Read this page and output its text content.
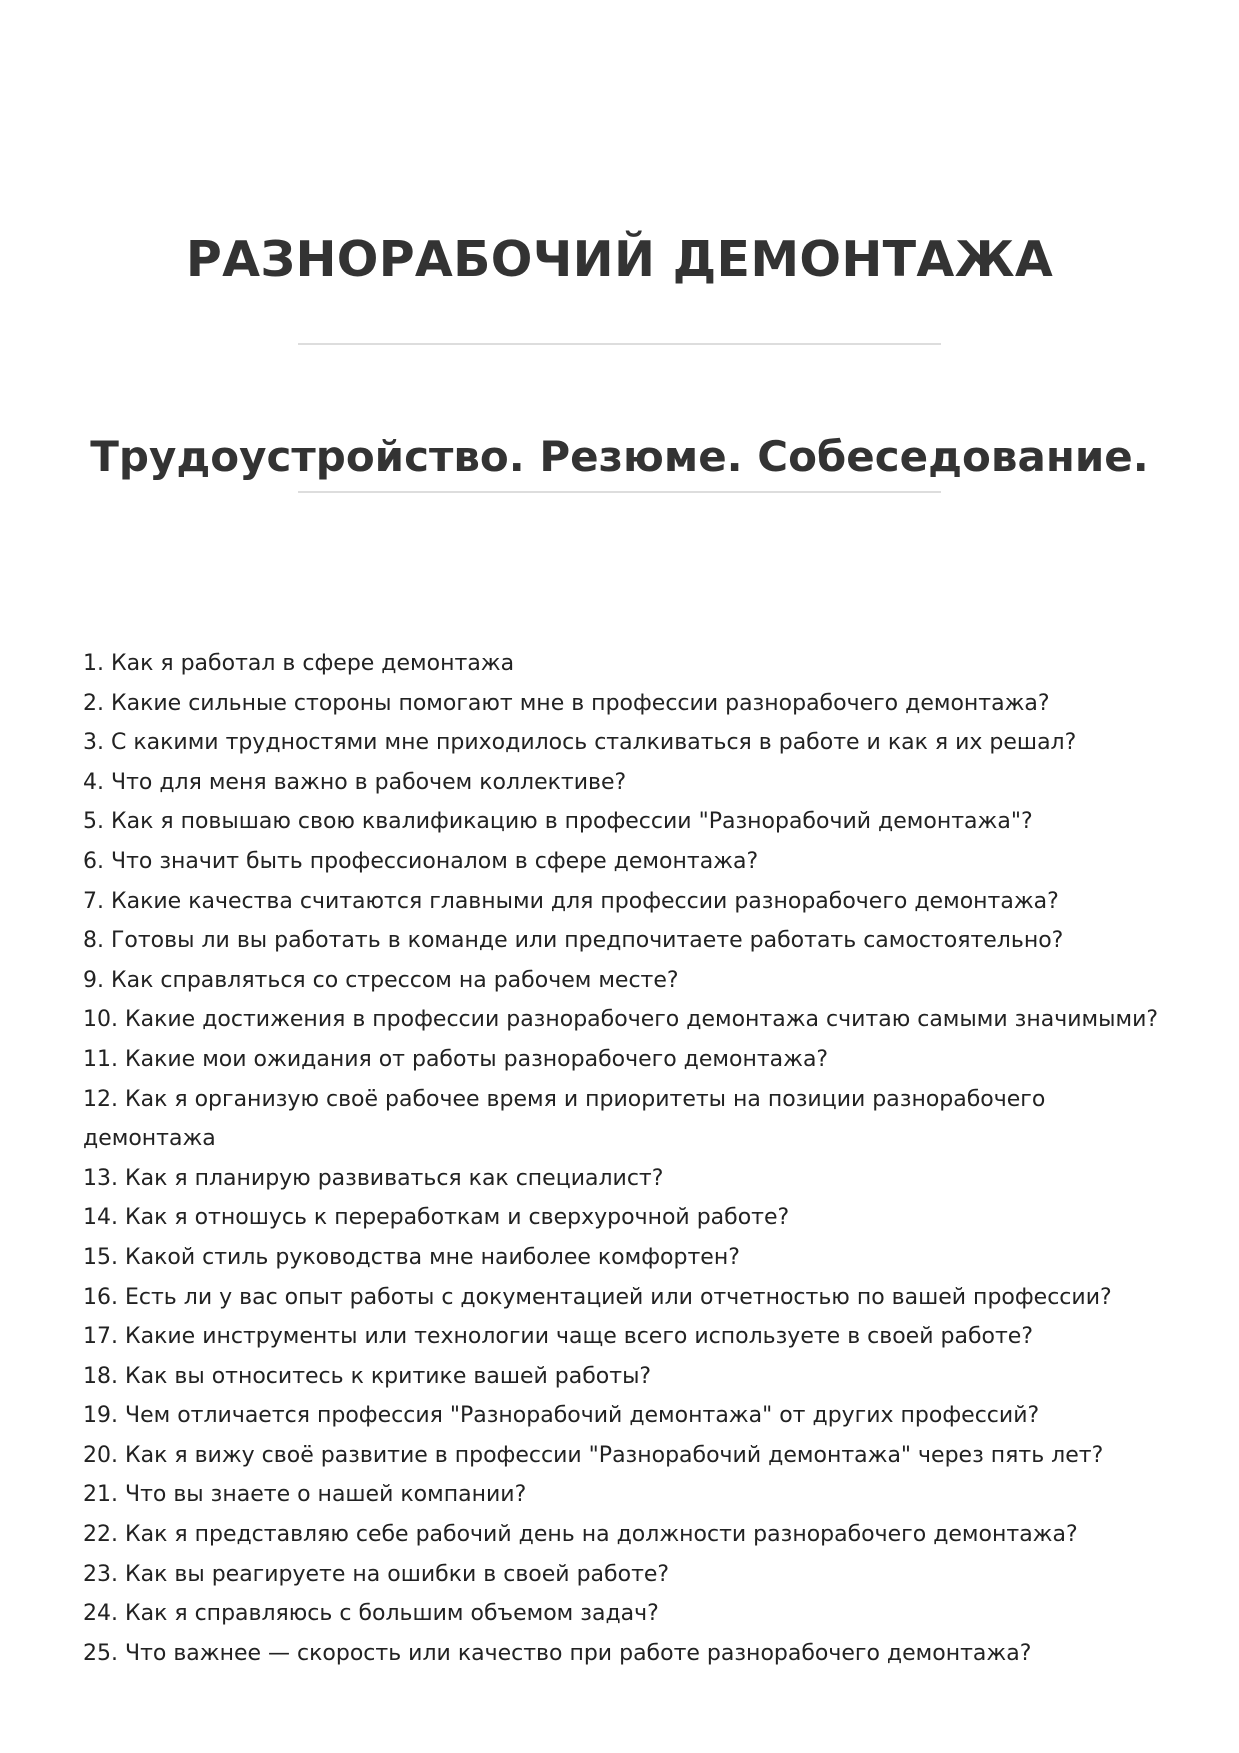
РАЗНОРАБОЧИЙ ДЕМОНТАЖА
Трудоустройство. Резюме. Собеседование.
1. Как я работал в сфере демонтажа
2. Какие сильные стороны помогают мне в профессии разнорабочего демонтажа?
3. С какими трудностями мне приходилось сталкиваться в работе и как я их решал?
4. Что для меня важно в рабочем коллективе?
5. Как я повышаю свою квалификацию в профессии "Разнорабочий демонтажа"?
6. Что значит быть профессионалом в сфере демонтажа?
7. Какие качества считаются главными для профессии разнорабочего демонтажа?
8. Готовы ли вы работать в команде или предпочитаете работать самостоятельно?
9. Как справляться со стрессом на рабочем месте?
10. Какие достижения в профессии разнорабочего демонтажа считаю самыми значимыми?
11. Какие мои ожидания от работы разнорабочего демонтажа?
12. Как я организую своё рабочее время и приоритеты на позиции разнорабочего демонтажа
13. Как я планирую развиваться как специалист?
14. Как я отношусь к переработкам и сверхурочной работе?
15. Какой стиль руководства мне наиболее комфортен?
16. Есть ли у вас опыт работы с документацией или отчетностью по вашей профессии?
17. Какие инструменты или технологии чаще всего используете в своей работе?
18. Как вы относитесь к критике вашей работы?
19. Чем отличается профессия "Разнорабочий демонтажа" от других профессий?
20. Как я вижу своё развитие в профессии "Разнорабочий демонтажа" через пять лет?
21. Что вы знаете о нашей компании?
22. Как я представляю себе рабочий день на должности разнорабочего демонтажа?
23. Как вы реагируете на ошибки в своей работе?
24. Как я справляюсь с большим объемом задач?
25. Что важнее — скорость или качество при работе разнорабочего демонтажа?
